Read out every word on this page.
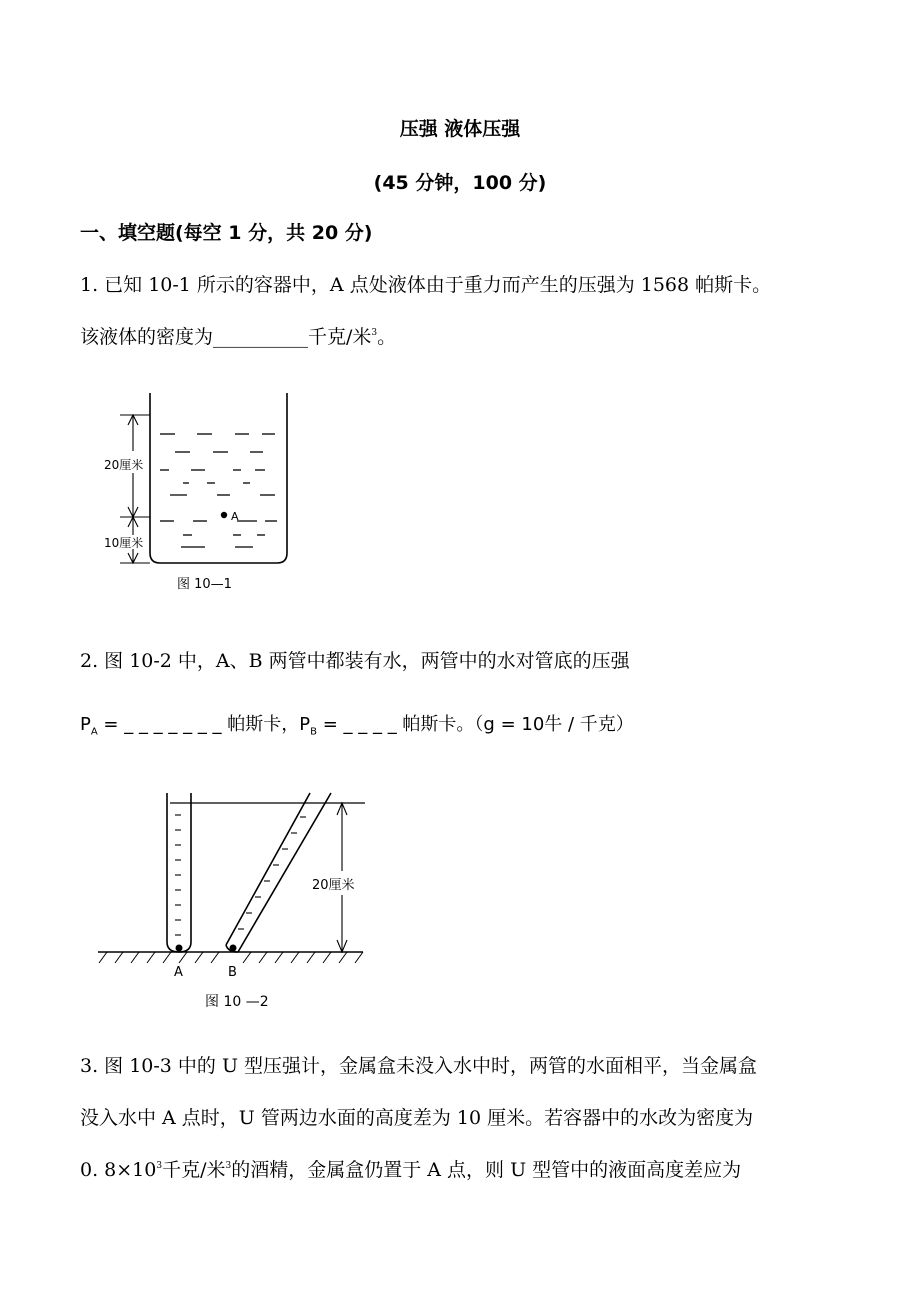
压强 液体压强
(45 分钟，100 分)
一、填空题(每空 1 分，共 20 分)
1. 已知 10-1 所示的容器中，A 点处液体由于重力而产生的压强为 1568 帕斯卡。
该液体的密度为__________千克/米$^3$。
A
20厘米
10厘米
图 10—1
2. 图 10-2 中，A、B 两管中都装有水，两管中的水对管底的压强
$P_A$ = _ _ _ _ _ _ _ 帕斯卡，$P_B$ = _ _ _ _ 帕斯卡。（g = 10牛 / 千克）
A	B
20厘米
图 10 —2
3. 图 10-3 中的 U 型压强计，金属盒未没入水中时，两管的水面相平，当金属盒
没入水中 A 点时，U 管两边水面的高度差为 10 厘米。若容器中的水改为密度为
0. $8\times 10^3$千克/米$^3$的酒精，金属盒仍置于 A 点，则 U 型管中的液面高度差应为
